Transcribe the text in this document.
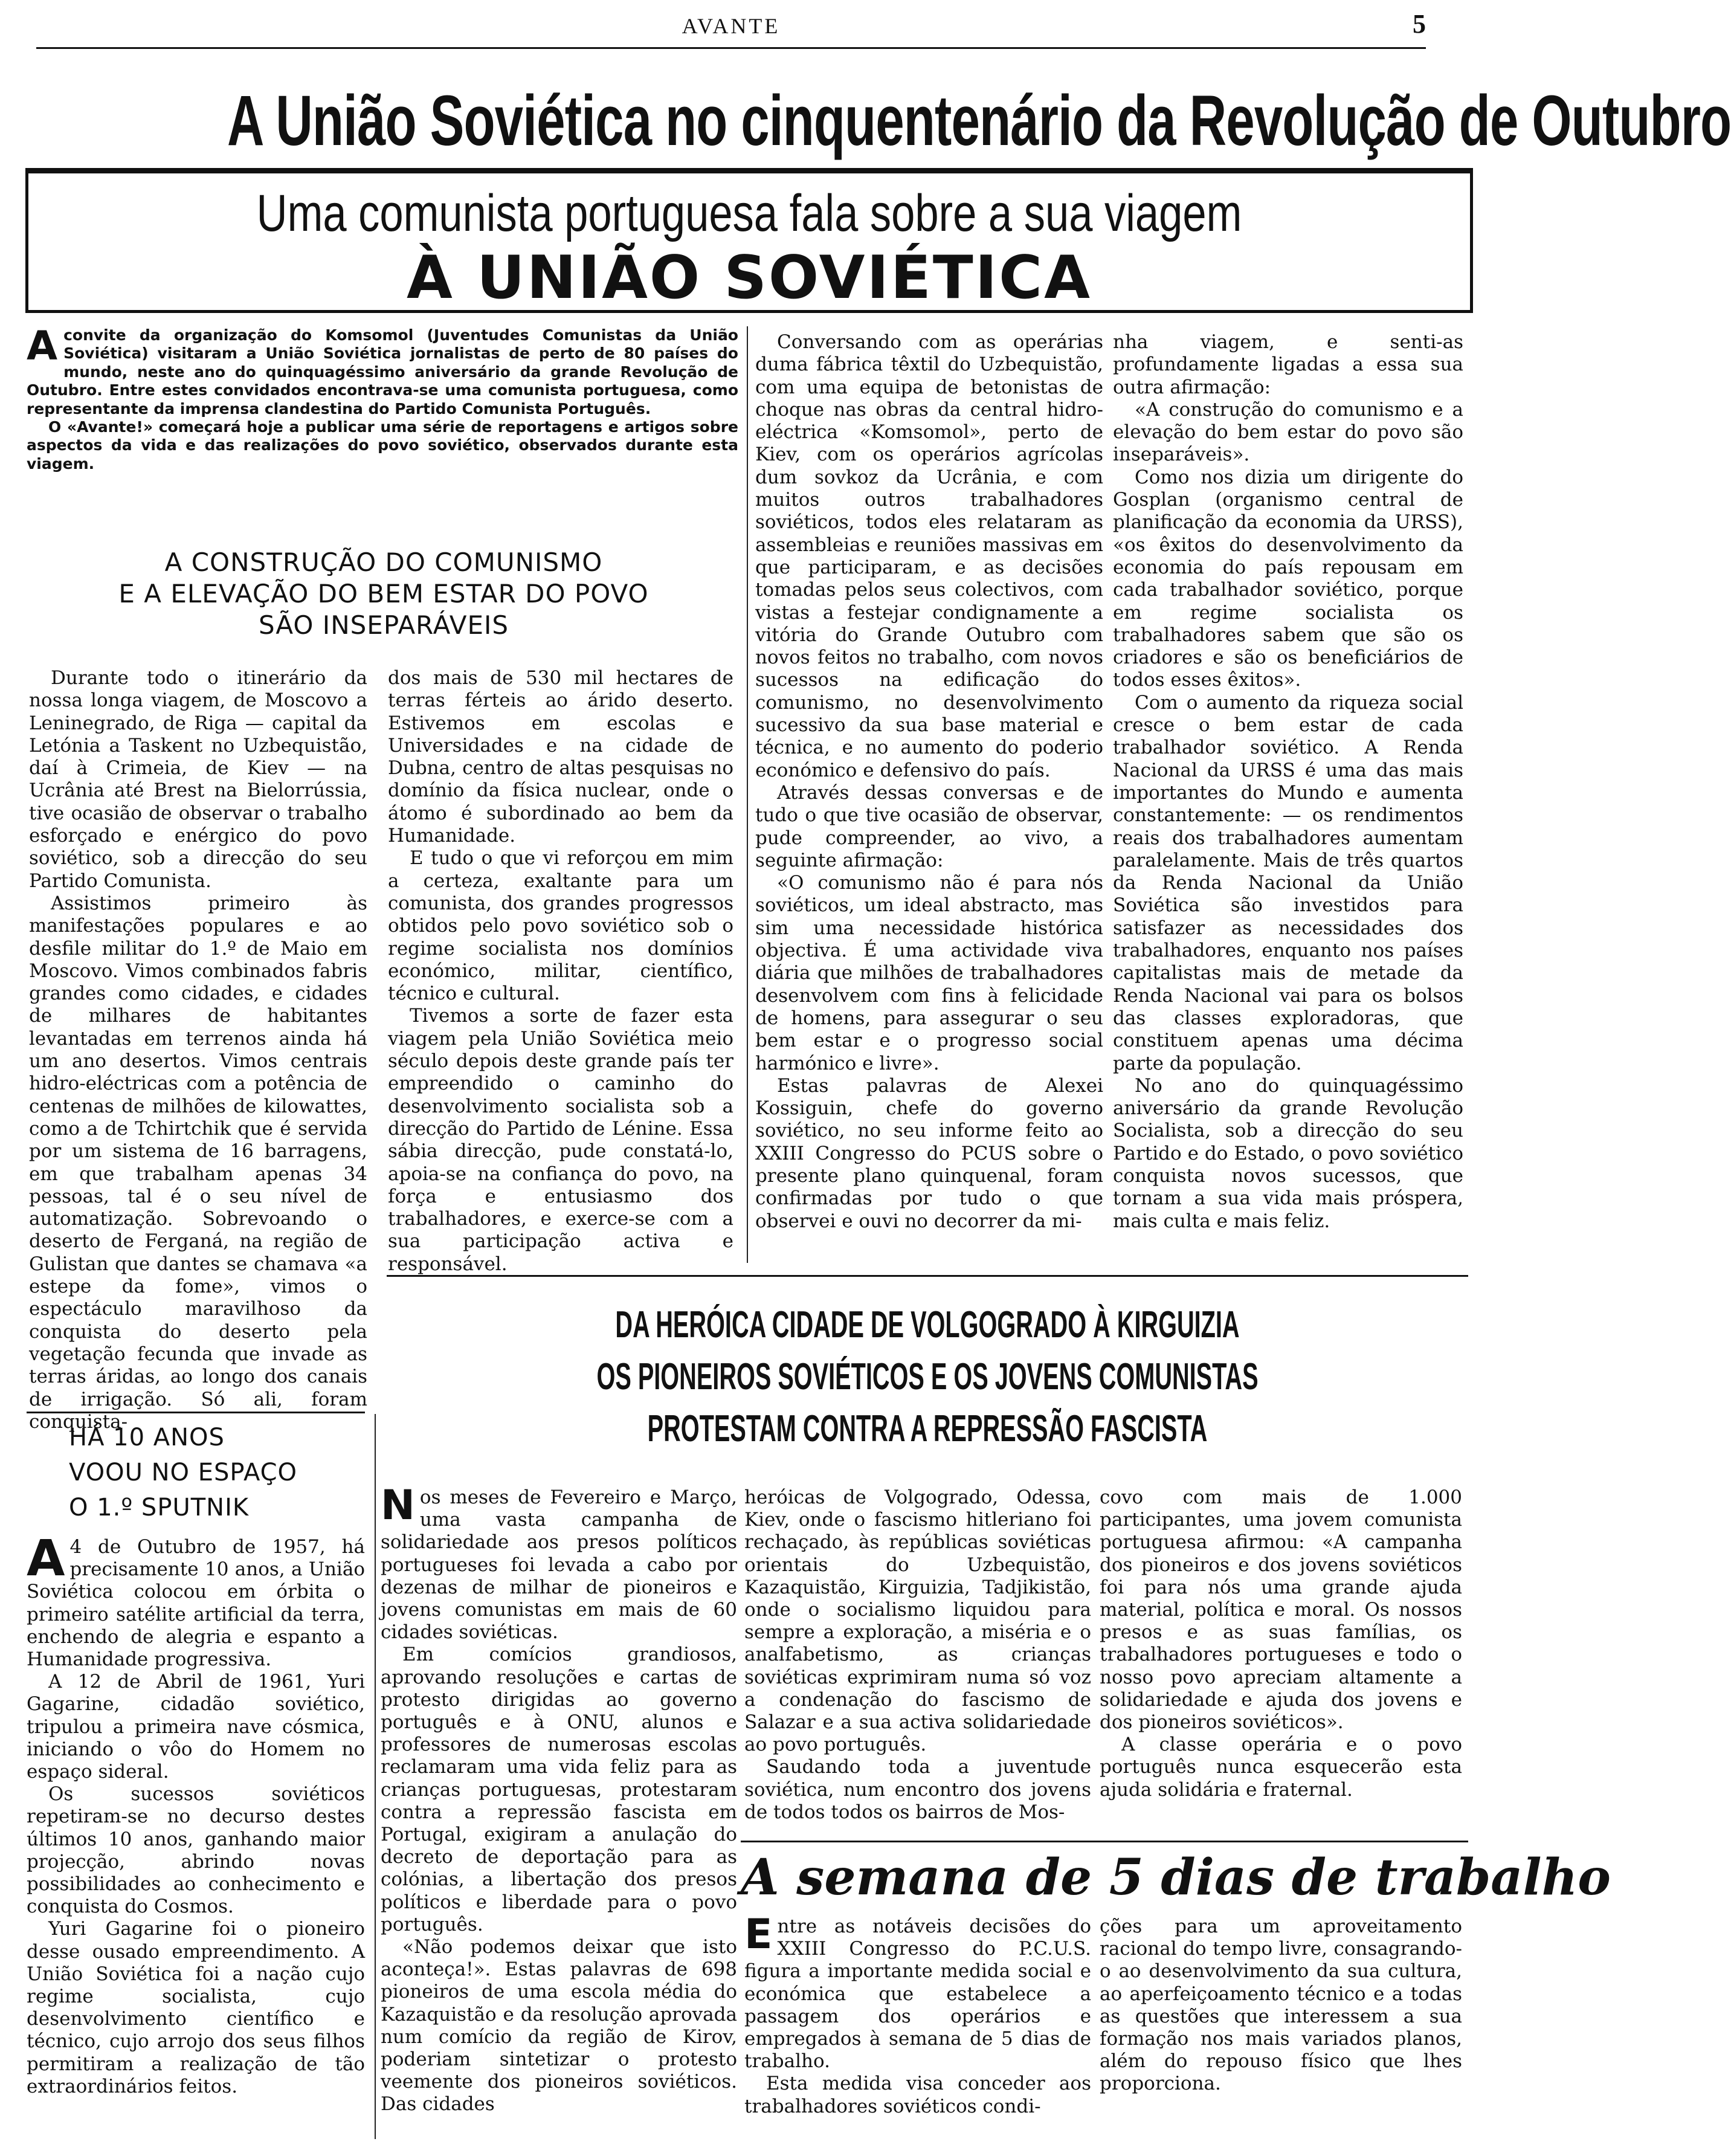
AVANTE	5
A União Soviética no cinquentenário da Revolução de Outubro
Uma comunista portuguesa fala sobre a sua viagem
À UNIÃO SOVIÉTICA

Aconvite da organização do Komsomol (Juventudes Comunistas da União Soviética) visitaram a União Soviética jornalistas de perto de 80 países do mundo, neste ano do quinquagéssimo aniversário da grande Revolução de Outubro. Entre estes convidados encontrava-se uma comunista portuguesa, como representante da imprensa clandestina do Partido Comunista Português.

O «Avante!» começará hoje a publicar uma série de reportagens e artigos sobre aspectos da vida e das realizações do povo soviético, observados durante esta viagem.

A CONSTRUÇÃO DO COMUNISMO
E A ELEVAÇÃO DO BEM ESTAR DO POVO
SÃO INSEPARÁVEIS

Durante todo o itinerário da nossa longa viagem, de Moscovo a Leninegrado, de Riga — capital da Letónia a Taskent no Uzbequistão, daí à Crimeia, de Kiev — na Ucrânia até Brest na Bielorrússia, tive ocasião de observar o trabalho esforçado e enérgico do povo soviético, sob a direcção do seu Partido Comunista.

Assistimos primeiro às manifestações populares e ao desfile militar do 1.º de Maio em Moscovo. Vimos combinados fabris grandes como cidades, e cidades de milhares de habitantes levantadas em terrenos ainda há um ano desertos. Vimos centrais hidro-eléctricas com a potência de centenas de milhões de kilowattes, como a de Tchirtchik que é servida por um sistema de 16 barragens, em que trabalham apenas 34 pessoas, tal é o seu nível de automatização. Sobrevoando o deserto de Ferganá, na região de Gulistan que dantes se chamava «a estepe da fome», vimos o espectáculo maravilhoso da conquista do deserto pela vegetação fecunda que invade as terras áridas, ao longo dos canais de irrigação. Só ali, foram conquista-

dos mais de 530 mil hectares de terras férteis ao árido deserto. Estivemos em escolas e Universidades e na cidade de Dubna, centro de altas pesquisas no domínio da física nuclear, onde o átomo é subordinado ao bem da Humanidade.

E tudo o que vi reforçou em mim a certeza, exaltante para um comunista, dos grandes progressos obtidos pelo povo soviético sob o regime socialista nos domínios económico, militar, científico, técnico e cultural.

Tivemos a sorte de fazer esta viagem pela União Soviética meio século depois deste grande país ter empreendido o caminho do desenvolvimento socialista sob a direcção do Partido de Lénine. Essa sábia direcção, pude constatá-lo, apoia-se na confiança do povo, na força e entusiasmo dos trabalhadores, e exerce-se com a sua participação activa e responsável.

Conversando com as operárias duma fábrica têxtil do Uzbequistão, com uma equipa de betonistas de choque nas obras da central hidro-eléctrica «Komsomol», perto de Kiev, com os operários agrícolas dum sovkoz da Ucrânia, e com muitos outros trabalhadores soviéticos, todos eles relataram as assembleias e reuniões massivas em que participaram, e as decisões tomadas pelos seus colectivos, com vistas a festejar condignamente a vitória do Grande Outubro com novos feitos no trabalho, com novos sucessos na edificação do comunismo, no desenvolvimento sucessivo da sua base material e técnica, e no aumento do poderio económico e defensivo do país.

Através dessas conversas e de tudo o que tive ocasião de observar, pude compreender, ao vivo, a seguinte afirmação:

«O comunismo não é para nós soviéticos, um ideal abstracto, mas sim uma necessidade histórica objectiva. É uma actividade viva diária que milhões de trabalhadores desenvolvem com fins à felicidade de homens, para assegurar o seu bem estar e o progresso social harmónico e livre».

Estas palavras de Alexei Kossiguin, chefe do governo soviético, no seu informe feito ao XXIII Congresso do PCUS sobre o presente plano quinquenal, foram confirmadas por tudo o que observei e ouvi no decorrer da mi-

nha viagem, e senti-as profundamente ligadas a essa sua outra afirmação:

«A construção do comunismo e a elevação do bem estar do povo são inseparáveis».

Como nos dizia um dirigente do Gosplan (organismo central de planificação da economia da URSS), «os êxitos do desenvolvimento da economia do país repousam em cada trabalhador soviético, porque em regime socialista os trabalhadores sabem que são os criadores e são os beneficiários de todos esses êxitos».

Com o aumento da riqueza social cresce o bem estar de cada trabalhador soviético. A Renda Nacional da URSS é uma das mais importantes do Mundo e aumenta constantemente: — os rendimentos reais dos trabalhadores aumentam paralelamente. Mais de três quartos da Renda Nacional da União Soviética são investidos para satisfazer as necessidades dos trabalhadores, enquanto nos países capitalistas mais de metade da Renda Nacional vai para os bolsos das classes exploradoras, que constituem apenas uma décima parte da população.

No ano do quinquagéssimo aniversário da grande Revolução Socialista, sob a direcção do seu Partido e do Estado, o povo soviético conquista novos sucessos, que tornam a sua vida mais próspera, mais culta e mais feliz.

DA HERÓICA CIDADE DE VOLGOGRADO À KIRGUIZIA
OS PIONEIROS SOVIÉTICOS E OS JOVENS COMUNISTAS
PROTESTAM CONTRA A REPRESSÃO FASCISTA
HÁ 10 ANOS
VOOU NO ESPAÇO
O 1.º SPUTNIK

A 4 de Outubro de 1957, há precisamente 10 anos, a União Soviética colocou em órbita o primeiro satélite artificial da terra, enchendo de alegria e espanto a Humanidade progressiva.

A 12 de Abril de 1961, Yuri Gagarine, cidadão soviético, tripulou a primeira nave cósmica, iniciando o vôo do Homem no espaço sideral.

Os sucessos soviéticos repetiram-se no decurso destes últimos 10 anos, ganhando maior projecção, abrindo novas possibilidades ao conhecimento e conquista do Cosmos.

Yuri Gagarine foi o pioneiro desse ousado empreendimento. A União Soviética foi a nação cujo regime socialista, cujo desenvolvimento científico e técnico, cujo arrojo dos seus filhos permitiram a realização de tão extraordinários feitos.

Nos meses de Fevereiro e Março, uma vasta campanha de solidariedade aos presos políticos portugueses foi levada a cabo por dezenas de milhar de pioneiros e jovens comunistas em mais de 60 cidades soviéticas.

Em comícios grandiosos, aprovando resoluções e cartas de protesto dirigidas ao governo português e à ONU, alunos e professores de numerosas escolas reclamaram uma vida feliz para as crianças portuguesas, protestaram contra a repressão fascista em Portugal, exigiram a anulação do decreto de deportação para as colónias, a libertação dos presos políticos e liberdade para o povo português.

«Não podemos deixar que isto aconteça!». Estas palavras de 698 pioneiros de uma escola média do Kazaquistão e da resolução aprovada num comício da região de Kirov, poderiam sintetizar o protesto veemente dos pioneiros soviéticos. Das cidades

heróicas de Volgogrado, Odessa, Kiev, onde o fascismo hitleriano foi rechaçado, às repúblicas soviéticas orientais do Uzbequistão, Kazaquistão, Kirguizia, Tadjikistão, onde o socialismo liquidou para sempre a exploração, a miséria e o analfabetismo, as crianças soviéticas exprimiram numa só voz a condenação do fascismo de Salazar e a sua activa solidariedade ao povo português.

Saudando toda a juventude soviética, num encontro dos jovens de todos todos os bairros de Mos-

covo com mais de 1.000 participantes, uma jovem comunista portuguesa afirmou: «A campanha dos pioneiros e dos jovens soviéticos foi para nós uma grande ajuda material, política e moral. Os nossos presos e as suas famílias, os trabalhadores portugueses e todo o nosso povo apreciam altamente a solidariedade e ajuda dos jovens e dos pioneiros soviéticos».

A classe operária e o povo português nunca esquecerão esta ajuda solidária e fraternal.

A semana de 5 dias de trabalho

Entre as notáveis decisões do XXIII Congresso do P.C.U.S. figura a importante medida social e económica que estabelece a passagem dos operários e empregados à semana de 5 dias de trabalho.

Esta medida visa conceder aos trabalhadores soviéticos condi-

ções para um aproveitamento racional do tempo livre, consagrando-o ao desenvolvimento da sua cultura, ao aperfeiçoamento técnico e a todas as questões que interessem a sua formação nos mais variados planos, além do repouso físico que lhes proporciona.
